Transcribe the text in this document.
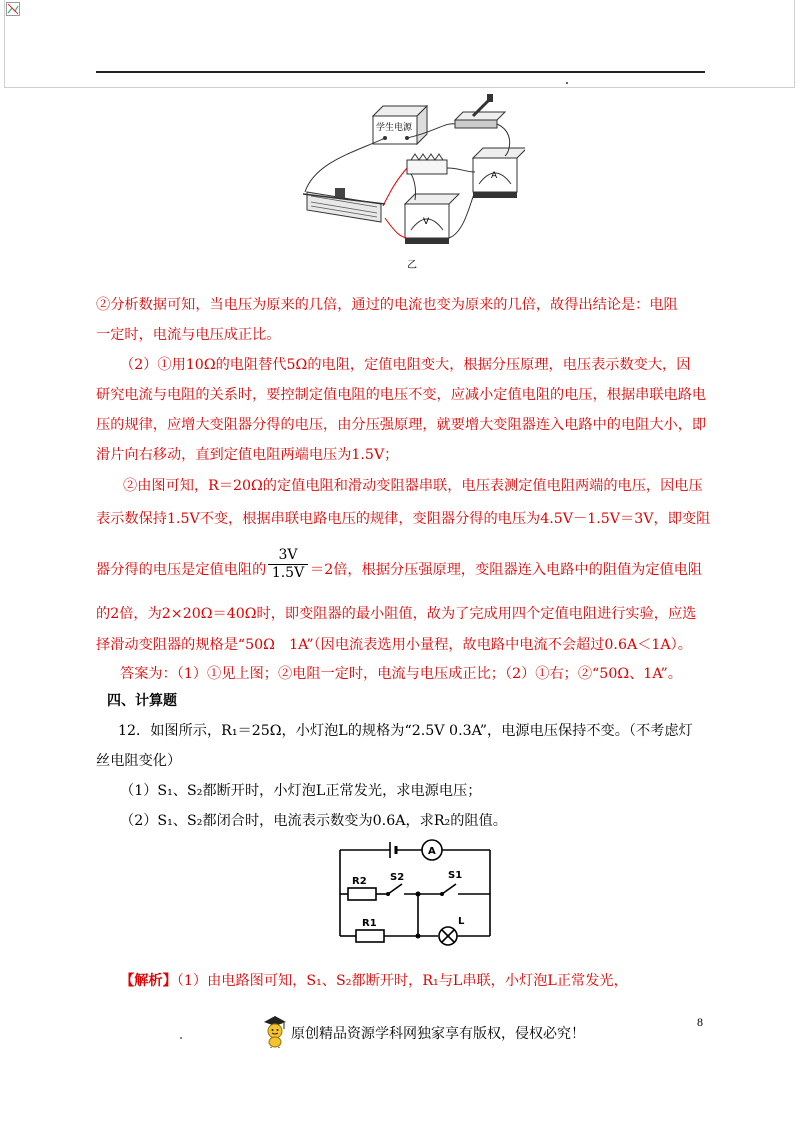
学生电源
A
V
乙
②分析数据可知，当电压为原来的几倍，通过的电流也变为原来的几倍，故得出结论是：电阻
一定时，电流与电压成正比。
（2）①用10Ω的电阻替代5Ω的电阻，定值电阻变大，根据分压原理，电压表示数变大，因
研究电流与电阻的关系时，要控制定值电阻的电压不变，应减小定值电阻的电压，根据串联电路电
压的规律，应增大变阻器分得的电压，由分压强原理，就要增大变阻器连入电路中的电阻大小，即
滑片向右移动，直到定值电阻两端电压为1.5V；
②由图可知，R＝20Ω的定值电阻和滑动变阻器串联，电压表测定值电阻两端的电压，因电压
表示数保持1.5V不变，根据串联电路电压的规律，变阻器分得的电压为4.5V－1.5V＝3V，即变阻
器分得的电压是定值电阻的
3V
1.5V ＝2倍，根据分压强原理，变阻器连入电路中的阻值为定值电阻
的2倍，为2×20Ω＝40Ω时，即变阻器的最小阻值，故为了完成用四个定值电阻进行实验，应选
择滑动变阻器的规格是“50Ω　1A”（因电流表选用小量程，故电路中电流不会超过0.6A＜1A）。
答案为：（1）①见上图；②电阻一定时，电流与电压成正比；（2）①右；②“50Ω、1A”。
四、计算题
12．如图所示，R₁＝25Ω，小灯泡L的规格为“2.5V 0.3A”，电源电压保持不变。（不考虑灯
丝电阻变化）
（1）S₁、S₂都断开时，小灯泡L正常发光，求电源电压；
（2）S₁、S₂都闭合时，电流表示数变为0.6A，求R₂的阻值。
A
R2 S2	S1
R1	L
【解析】（1）由电路图可知，S₁、S₂都断开时，R₁与L串联，小灯泡L正常发光，
8
原创精品资源学科网独家享有版权，侵权必究！
